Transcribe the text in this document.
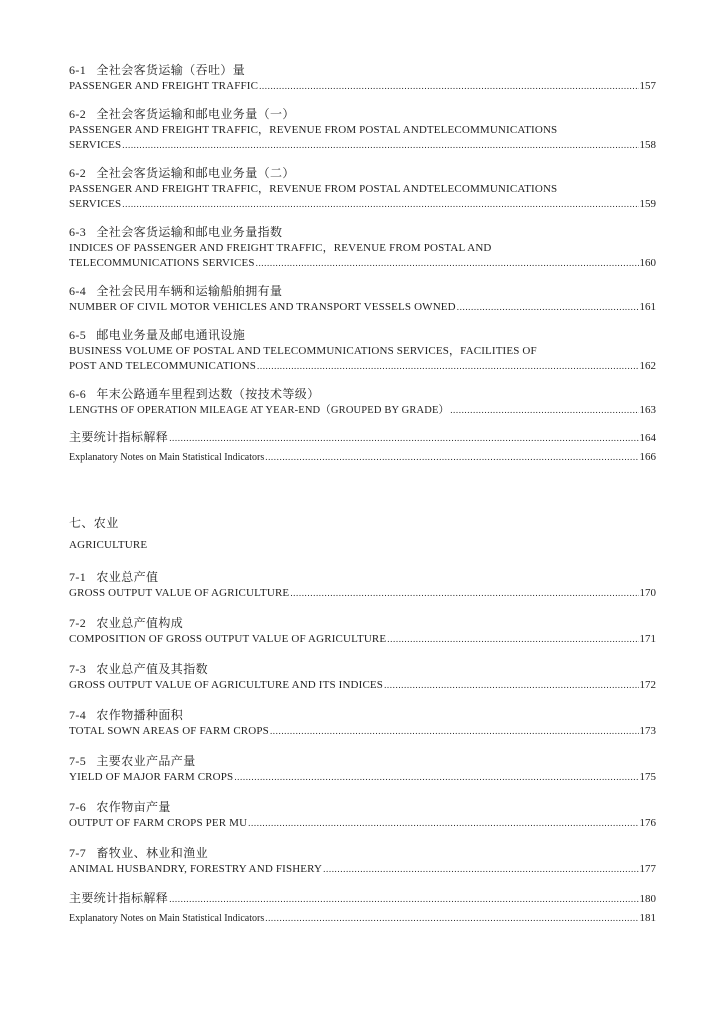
6-1 全社会客货运输（吞吐）量
PASSENGER AND FREIGHT TRAFFIC .....	157
6-2 全社会客货运输和邮电业务量（一）
PASSENGER AND FREIGHT TRAFFIC，REVENUE FROM POSTAL ANDTELECOMMUNICATIONS
SERVICES .....	158
6-2 全社会客货运输和邮电业务量（二）
PASSENGER AND FREIGHT TRAFFIC，REVENUE FROM POSTAL ANDTELECOMMUNICATIONS
SERVICES .....	159
6-3 全社会客货运输和邮电业务量指数
INDICES OF PASSENGER AND FREIGHT TRAFFIC，REVENUE FROM POSTAL AND
TELECOMMUNICATIONS SERVICES .....	160
6-4 全社会民用车辆和运输船舶拥有量
NUMBER OF CIVIL MOTOR VEHICLES AND TRANSPORT VESSELS OWNED .....	161
6-5 邮电业务量及邮电通讯设施
BUSINESS VOLUME OF POSTAL AND TELECOMMUNICATIONS SERVICES，FACILITIES OF
POST AND TELECOMMUNICATIONS .....	162
6-6 年末公路通车里程到达数（按技术等级）
LENGTHS OF OPERATION MILEAGE AT YEAR-END（GROUPED BY GRADE） .....	163
主要统计指标解释 .....	164
Explanatory Notes on Main Statistical Indicators .....	166
七、农业
AGRICULTURE
7-1 农业总产值
GROSS OUTPUT VALUE OF AGRICULTURE .....	170
7-2 农业总产值构成
COMPOSITION OF GROSS OUTPUT VALUE OF AGRICULTURE .....	171
7-3 农业总产值及其指数
GROSS OUTPUT VALUE OF AGRICULTURE AND ITS INDICES .....	172
7-4 农作物播种面积
TOTAL SOWN AREAS OF FARM CROPS .....	173
7-5 主要农业产品产量
YIELD OF MAJOR FARM CROPS .....	175
7-6 农作物亩产量
OUTPUT OF FARM CROPS PER MU .....	176
7-7 畜牧业、林业和渔业
ANIMAL HUSBANDRY, FORESTRY AND FISHERY .....	177
主要统计指标解释 .....	180
Explanatory Notes on Main Statistical Indicators .....	181
